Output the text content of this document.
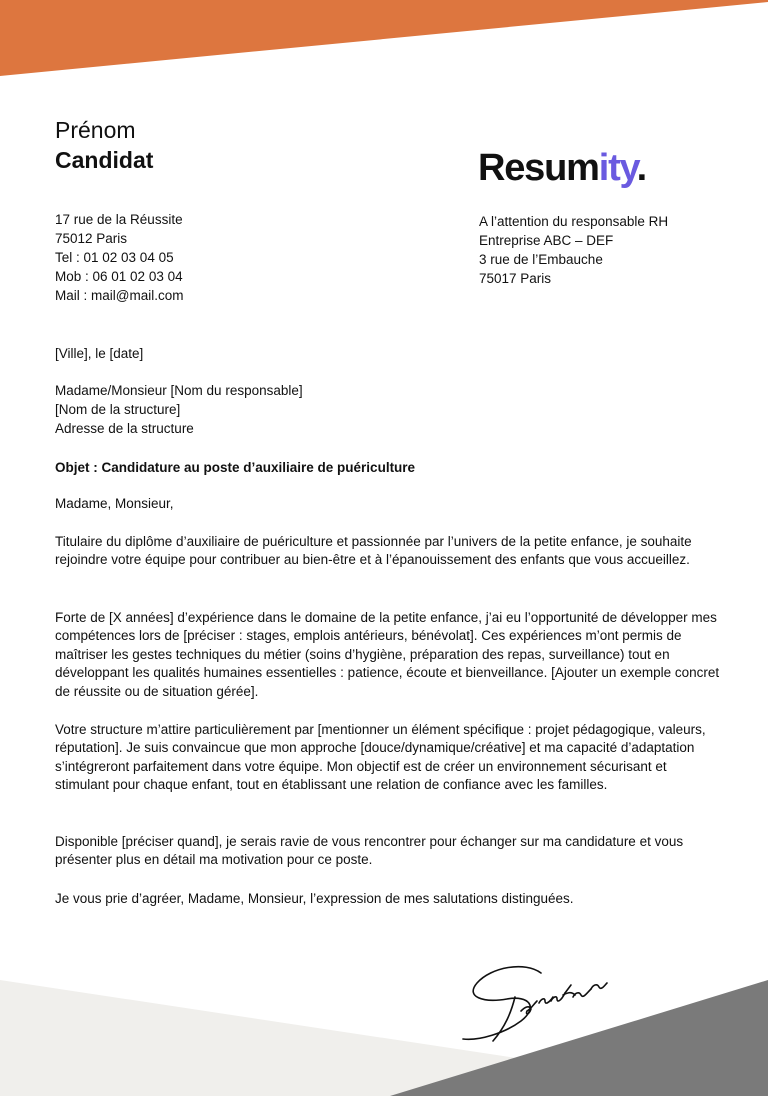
Prénom
Candidat	Resumity.
17 rue de la Réussite
75012 Paris
Tel : 01 02 03 04 05
Mob : 06 01 02 03 04
Mail : mail@mail.com
A l’attention du responsable RH
Entreprise ABC – DEF
3 rue de l’Embauche
75017 Paris
[Ville], le [date]
Madame/Monsieur [Nom du responsable]
[Nom de la structure]
Adresse de la structure
Objet : Candidature au poste d’auxiliaire de puériculture
Madame, Monsieur,
Titulaire du diplôme d’auxiliaire de puériculture et passionnée par l’univers de la petite enfance, je souhaite rejoindre votre équipe pour contribuer au bien-être et à l’épanouissement des enfants que vous accueillez.
Forte de [X années] d’expérience dans le domaine de la petite enfance, j’ai eu l’opportunité de développer mes compétences lors de [préciser : stages, emplois antérieurs, bénévolat]. Ces expériences m’ont permis de maîtriser les gestes techniques du métier (soins d’hygiène, préparation des repas, surveillance) tout en développant les qualités humaines essentielles : patience, écoute et bienveillance. [Ajouter un exemple concret de réussite ou de situation gérée].
Votre structure m’attire particulièrement par [mentionner un élément spécifique : projet pédagogique, valeurs, réputation]. Je suis convaincue que mon approche [douce/dynamique/créative] et ma capacité d’adaptation s’intégreront parfaitement dans votre équipe. Mon objectif est de créer un environnement sécurisant et stimulant pour chaque enfant, tout en établissant une relation de confiance avec les familles.
Disponible [préciser quand], je serais ravie de vous rencontrer pour échanger sur ma candidature et vous présenter plus en détail ma motivation pour ce poste.
Je vous prie d’agréer, Madame, Monsieur, l’expression de mes salutations distinguées.
